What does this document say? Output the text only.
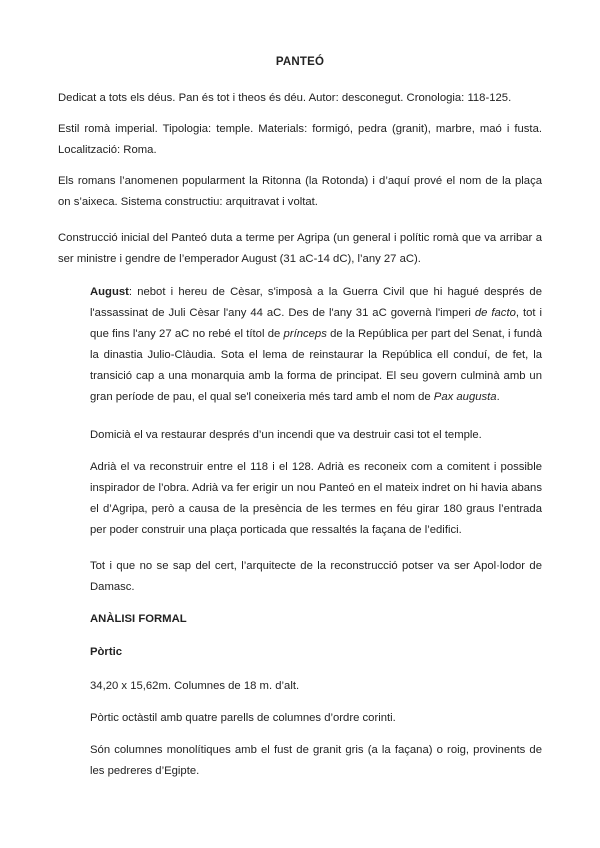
PANTEÓ

Dedicat a tots els déus. Pan és tot i theos és déu. Autor: desconegut. Cronologia: 118-125.

Estil romà imperial. Tipologia: temple. Materials: formigó, pedra (granit), marbre, maó i fusta. Localització: Roma.

Els romans l’anomenen popularment la Ritonna (la Rotonda) i d’aquí prové el nom de la plaça on s’aixeca. Sistema constructiu: arquitravat i voltat.

Construcció inicial del Panteó duta a terme per Agripa (un general i polític romà que va arribar a ser ministre i gendre de l’emperador August (31 aC-14 dC), l’any 27 aC).

August: nebot i hereu de Cèsar, s'imposà a la Guerra Civil que hi hagué després de l'assassinat de Juli Cèsar l'any 44 aC. Des de l'any 31 aC governà l'imperi de facto, tot i que fins l'any 27 aC no rebé el títol de prínceps de la República per part del Senat, i fundà la dinastia Julio-Clàudia. Sota el lema de reinstaurar la República ell conduí, de fet, la transició cap a una monarquia amb la forma de principat. El seu govern culminà amb un gran període de pau, el qual se'l coneixeria més tard amb el nom de Pax augusta.

Domicià el va restaurar després d’un incendi que va destruir casi tot el temple.

Adrià el va reconstruir entre el 118 i el 128. Adrià es reconeix com a comitent i possible inspirador de l’obra. Adrià va fer erigir un nou Panteó en el mateix indret on hi havia abans el d’Agripa, però a causa de la presència de les termes en féu girar 180 graus l’entrada per poder construir una plaça porticada que ressaltés la façana de l’edifici.

Tot i que no se sap del cert, l’arquitecte de la reconstrucció potser va ser Apol·lodor de Damasc.

ANÀLISI FORMAL
Pòrtic

34,20 x 15,62m. Columnes de 18 m. d’alt.

Pòrtic octàstil amb quatre parells de columnes d’ordre corinti.

Són columnes monolítiques amb el fust de granit gris (a la façana) o roig, provinents de les pedreres d’Egipte.
